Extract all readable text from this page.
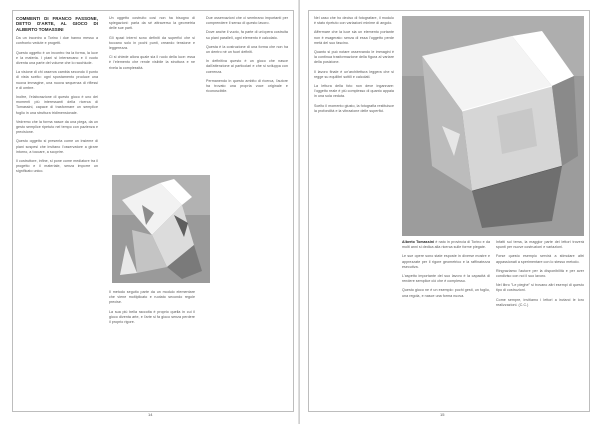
COMMENTI DI FRANCO FASSONE, DETTO D'ARTE, AL GIOCO DI ALBERTO TOMASSINI

Da un incontro a Torino i due hanno messo a confronto vedute e progetti.

Questo oggetto è un incontro tra la forma, la luce e la materia. I piani si intersecano e il vuoto diventa una parte del volume che lo racchiude.

La visione di chi osserva cambia secondo il punto di vista scelto: ogni spostamento produce una nuova immagine, una nuova sequenza di riflessi e di ombre.

Inoltre, l'elaborazione di questo gioco è uno dei momenti più interessanti della ricerca di Tomassini, capace di trasformare un semplice foglio in una struttura tridimensionale.

Vedremo che la forma nasce da una piega, da un gesto semplice ripetuto nel tempo con pazienza e precisione.

Questo oggetto si presenta come un insieme di piani sospesi che invitano l'osservatore a girare intorno, a toccare, a scoprire.

Il costruttore, infine, si pone come mediatore tra il progetto e il materiale, senza imporre un significato unico.

Un oggetto costruito così non ha bisogno di spiegazioni: parla da sé attraverso la geometria delle sue parti.

Gli spazi interni sono definiti da superfici che si toccano solo in pochi punti, creando tensione e leggerezza.

Ci si chiede allora quale sia il ruolo della luce: essa è l'elemento che rende visibile la struttura e ne rivela la complessità.

Due osservazioni che ci sembrano importanti per comprendere il senso di questo lavoro.

Dove anche il vuoto, fa parte di un'opera costruita su piani paralleli, ogni elemento è calcolato.

Questa è la costruzione di una forma che non ha un dentro né un fuori definiti.

In definitiva questo è un gioco che nasce dall'attenzione ai particolari e che si sviluppa con coerenza.

Permanendo in questo ambito di ricerca, l'autore ha trovato una propria voce originale e riconoscibile.

Il metodo seguito parte da un modulo elementare che viene moltiplicato e ruotato secondo regole precise.

La sua più bella raccolta è proprio quella in cui il gioco diventa arte, e l'arte si fa gioco senza perdere il proprio rigore.

14

Nel caso che ho deciso di fotografare, il modulo è stato ripetuto con variazioni minime di angolo.

Affermare che la luce sia un elemento portante non è esagerato: senza di essa l'oggetto perde metà del suo fascino.

Quanto si può notare osservando le immagini è la continua trasformazione della figura al variare della posizione.

Il lavoro finale è un'architettura leggera che si regge su equilibri sottili e calcolati.

La lettura della foto non deve ingannare: l'oggetto reale è più complesso di quanto appaia in una sola veduta.

Scelto il momento giusto, la fotografia restituisce la profondità e la vibrazione delle superfici.

Alberto Tomassini è nato in provincia di Torino e da molti anni si dedica alla ricerca sulle forme piegate.

Le sue opere sono state esposte in diverse mostre e apprezzate per il rigore geometrico e la raffinatezza esecutiva.

L'aspetto importante del suo lavoro è la capacità di rendere semplice ciò che è complesso.

Questo gioco ne è un esempio: pochi gesti, un foglio, una regola, e nasce una forma nuova.

Infatti sul tema, la maggior parte dei lettori troverà spunti per nuove costruzioni e variazioni.

Forse questo esempio servirà a stimolare altri appassionati a sperimentare con lo stesso metodo.

Ringraziamo l'autore per la disponibilità e per aver condiviso con noi il suo lavoro.

Nel libro "Le pieghe" si trovano altri esempi di questo tipo di costruzioni.

Come sempre, invitiamo i lettori a inviarci le loro realizzazioni. (C.C.)

15
